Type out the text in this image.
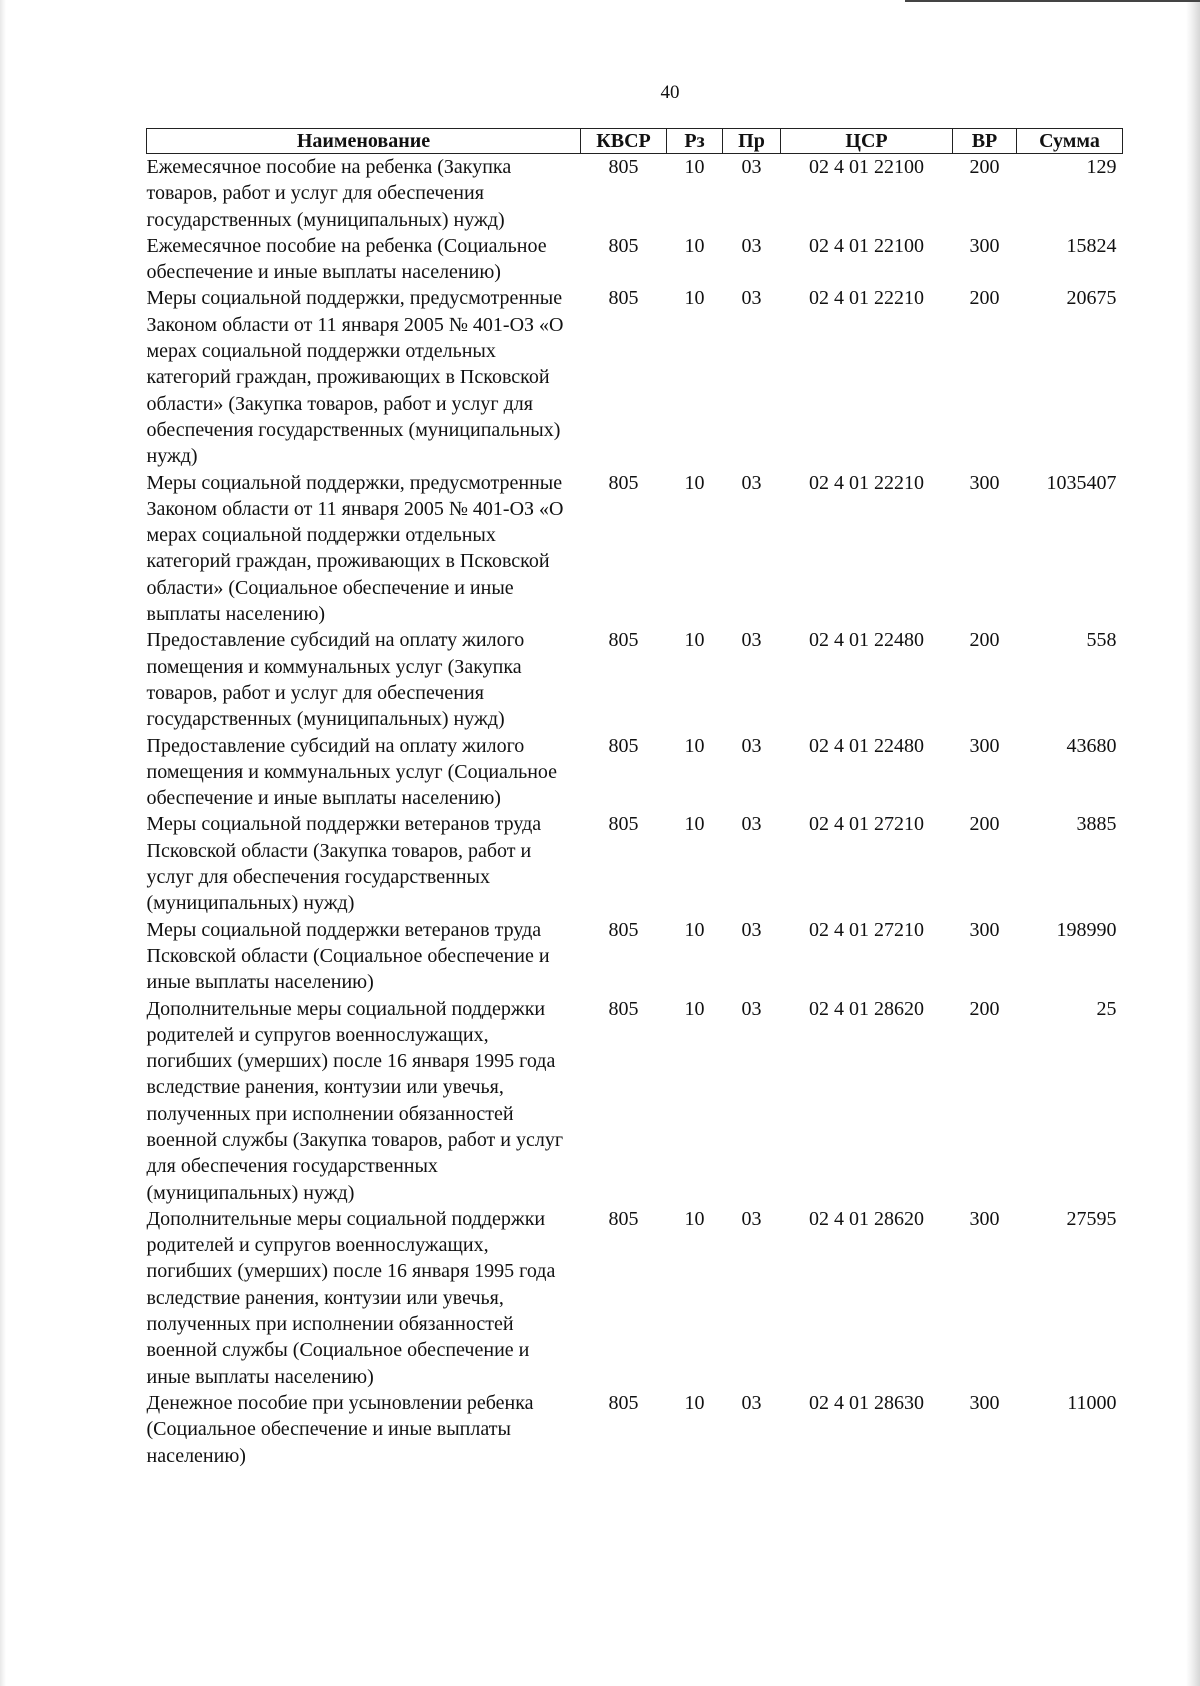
40
Наименование	КВСР	Рз	Пр	ЦСР	ВР	Сумма
Ежемесячное пособие на ребенка (Закупка товаров, работ и услуг для обеспечения государственных (муниципальных) нужд)	805	10	03	02 4 01 22100	200	129
Ежемесячное пособие на ребенка (Социальное обеспечение и иные выплаты населению)	805	10	03	02 4 01 22100	300	15824
Меры социальной поддержки, предусмотренные Законом области от 11 января 2005 № 401-ОЗ «О мерах социальной поддержки отдельных категорий граждан, проживающих в Псковской области» (Закупка товаров, работ и услуг для обеспечения государственных (муниципальных) нужд)	805	10	03	02 4 01 22210	200	20675
Меры социальной поддержки, предусмотренные Законом области от 11 января 2005 № 401-ОЗ «О мерах социальной поддержки отдельных категорий граждан, проживающих в Псковской области» (Социальное обеспечение и иные выплаты населению)	805	10	03	02 4 01 22210	300	1035407
Предоставление субсидий на оплату жилого помещения и коммунальных услуг (Закупка товаров, работ и услуг для обеспечения государственных (муниципальных) нужд)	805	10	03	02 4 01 22480	200	558
Предоставление субсидий на оплату жилого помещения и коммунальных услуг (Социальное обеспечение и иные выплаты населению)	805	10	03	02 4 01 22480	300	43680
Меры социальной поддержки ветеранов труда Псковской области (Закупка товаров, работ и услуг для обеспечения государственных (муниципальных) нужд)	805	10	03	02 4 01 27210	200	3885
Меры социальной поддержки ветеранов труда Псковской области (Социальное обеспечение и иные выплаты населению)	805	10	03	02 4 01 27210	300	198990
Дополнительные меры социальной поддержки родителей и супругов военнослужащих, погибших (умерших) после 16 января 1995 года вследствие ранения, контузии или увечья, полученных при исполнении обязанностей военной службы (Закупка товаров, работ и услуг для обеспечения государственных (муниципальных) нужд)	805	10	03	02 4 01 28620	200	25
Дополнительные меры социальной поддержки родителей и супругов военнослужащих, погибших (умерших) после 16 января 1995 года вследствие ранения, контузии или увечья, полученных при исполнении обязанностей военной службы (Социальное обеспечение и иные выплаты населению)	805	10	03	02 4 01 28620	300	27595
Денежное пособие при усыновлении ребенка (Социальное обеспечение и иные выплаты населению)	805	10	03	02 4 01 28630	300	11000
